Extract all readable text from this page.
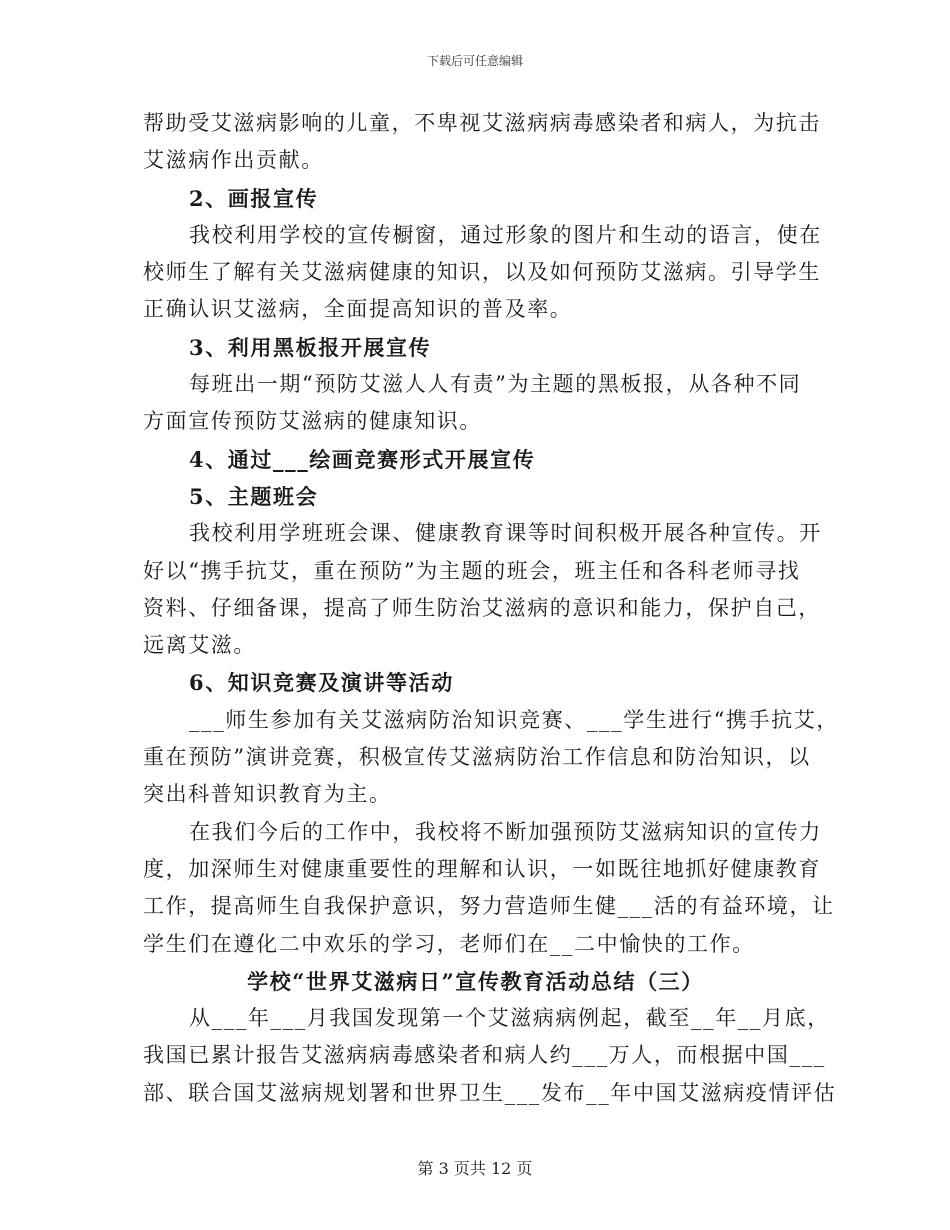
下载后可任意编辑
帮助受艾滋病影响的儿童，不卑视艾滋病病毒感染者和病人，为抗击
艾滋病作出贡献。
2、画报宣传
我校利用学校的宣传橱窗，通过形象的图片和生动的语言，使在
校师生了解有关艾滋病健康的知识，以及如何预防艾滋病。引导学生
正确认识艾滋病，全面提高知识的普及率。
3、利用黑板报开展宣传
每班出一期“预防艾滋人人有责”为主题的黑板报，从各种不同
方面宣传预防艾滋病的健康知识。
4、通过___绘画竞赛形式开展宣传
5、主题班会
我校利用学班班会课、健康教育课等时间积极开展各种宣传。开
好以“携手抗艾，重在预防”为主题的班会，班主任和各科老师寻找
资料、仔细备课，提高了师生防治艾滋病的意识和能力，保护自己，
远离艾滋。
6、知识竞赛及演讲等活动
___师生参加有关艾滋病防治知识竞赛、___学生进行“携手抗艾，
重在预防”演讲竞赛，积极宣传艾滋病防治工作信息和防治知识，以
突出科普知识教育为主。
在我们今后的工作中，我校将不断加强预防艾滋病知识的宣传力
度，加深师生对健康重要性的理解和认识，一如既往地抓好健康教育
工作，提高师生自我保护意识，努力营造师生健___活的有益环境，让
学生们在遵化二中欢乐的学习，老师们在__二中愉快的工作。
学校“世界艾滋病日”宣传教育活动总结（三）
从___年___月我国发现第一个艾滋病病例起，截至__年__月底，
我国已累计报告艾滋病病毒感染者和病人约___万人，而根据中国___
部、联合国艾滋病规划署和世界卫生___发布__年中国艾滋病疫情评估
第 3 页共 12 页
